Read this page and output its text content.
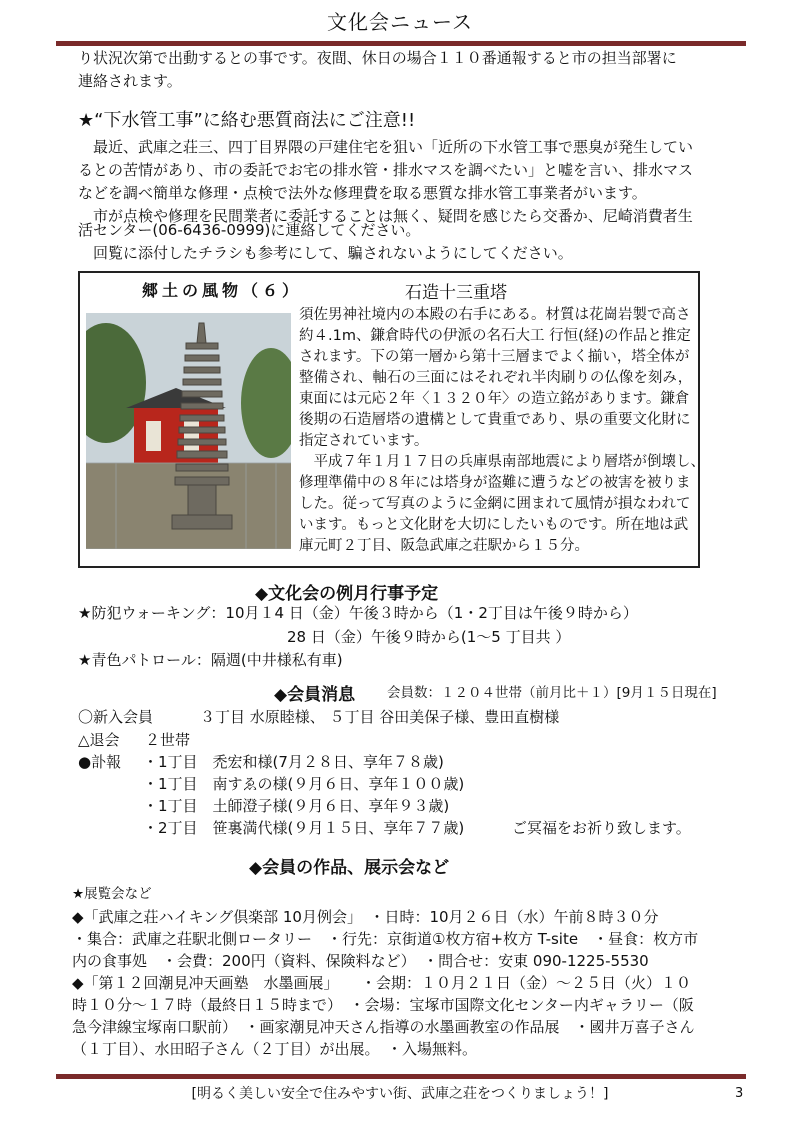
文化会ニュース
り状況次第で出動するとの事です。夜間、休日の場合１１０番通報すると市の担当部署に
連絡されます。
★“下水管工事”に絡む悪質商法にご注意!!
　最近、武庫之荘三、四丁目界隈の戸建住宅を狙い「近所の下水管工事で悪臭が発生してい
るとの苦情があり、市の委託でお宅の排水管・排水マスを調べたい」と嘘を言い、排水マス
などを調べ簡単な修理・点検で法外な修理費を取る悪質な排水管工事業者がいます。
　市が点検や修理を民間業者に委託することは無く、疑問を感じたら交番か、尼崎消費者生
活センター(06-6436-0999)に連絡してください。
　回覧に添付したチラシも参考にして、騙されないようにしてください。
郷土の風物（６）	石造十三重塔
須佐男神社境内の本殿の右手にある。材質は花崗岩製で高さ
約４.1m、鎌倉時代の伊派の名石大工 行恒(経)の作品と推定
されます。下の第一層から第十三層までよく揃い，塔全体が
整備され、軸石の三面にはそれぞれ半肉刷りの仏像を刻み，
東面には元応２年〈１３２０年〉の造立銘があります。鎌倉
後期の石造層塔の遺構として貴重であり、県の重要文化財に
指定されています。
　平成７年１月１７日の兵庫県南部地震により層塔が倒壊し、
修理準備中の８年には塔身が盗難に遭うなどの被害を被りま
した。従って写真のように金網に囲まれて風情が損なわれて
います。もっと文化財を大切にしたいものです。所在地は武
庫元町２丁目、阪急武庫之荘駅から１５分。
◆文化会の例月行事予定
★防犯ウォーキング：10月１4 日（金）午後３時から（1・2丁目は午後９時から）
28 日（金）午後９時から(1～5 丁目共 ）
★青色パトロール：隔週(中井様私有車)
◆会員消息 会員数：１２０４世帯（前月比＋１）[9月１５日現在]
〇新入会員	３丁目 水原睦様、 ５丁目 谷田美保子様、豊田直樹様
△退会 ２世帯
●訃報 ・1丁目　禿宏和様(7月２８日、享年７８歳)
・1丁目　南すゑの様(９月６日、享年１００歳)
・1丁目　土師澄子様(９月６日、享年９３歳)
・2丁目　笹裏満代様(９月１５日、享年７７歳)	ご冥福をお祈り致します。
◆会員の作品、展示会など
★展覧会など
◆「武庫之荘ハイキング倶楽部 10月例会」　・日時：10月２６日（水）午前８時３０分
・集合：武庫之荘駅北側ロータリー　・行先：京街道①枚方宿+枚方 T-site　・昼食：枚方市
内の食事処　・会費：200円（資料、保険料など）　・問合せ：安東 090-1225-5530
◆「第１２回潮見冲天画塾　水墨画展」　　・会期：１０月２１日（金）～２５日（火）１０
時１０分～１７時（最終日１５時まで）　・会場：宝塚市国際文化センター内ギャラリー（阪
急今津線宝塚南口駅前）　・画家潮見冲天さん指導の水墨画教室の作品展　・國井万喜子さん
（１丁目）、水田昭子さん（２丁目）が出展。　・入場無料。
[明るく美しい安全で住みやすい街、武庫之荘をつくりましょう！]	3
